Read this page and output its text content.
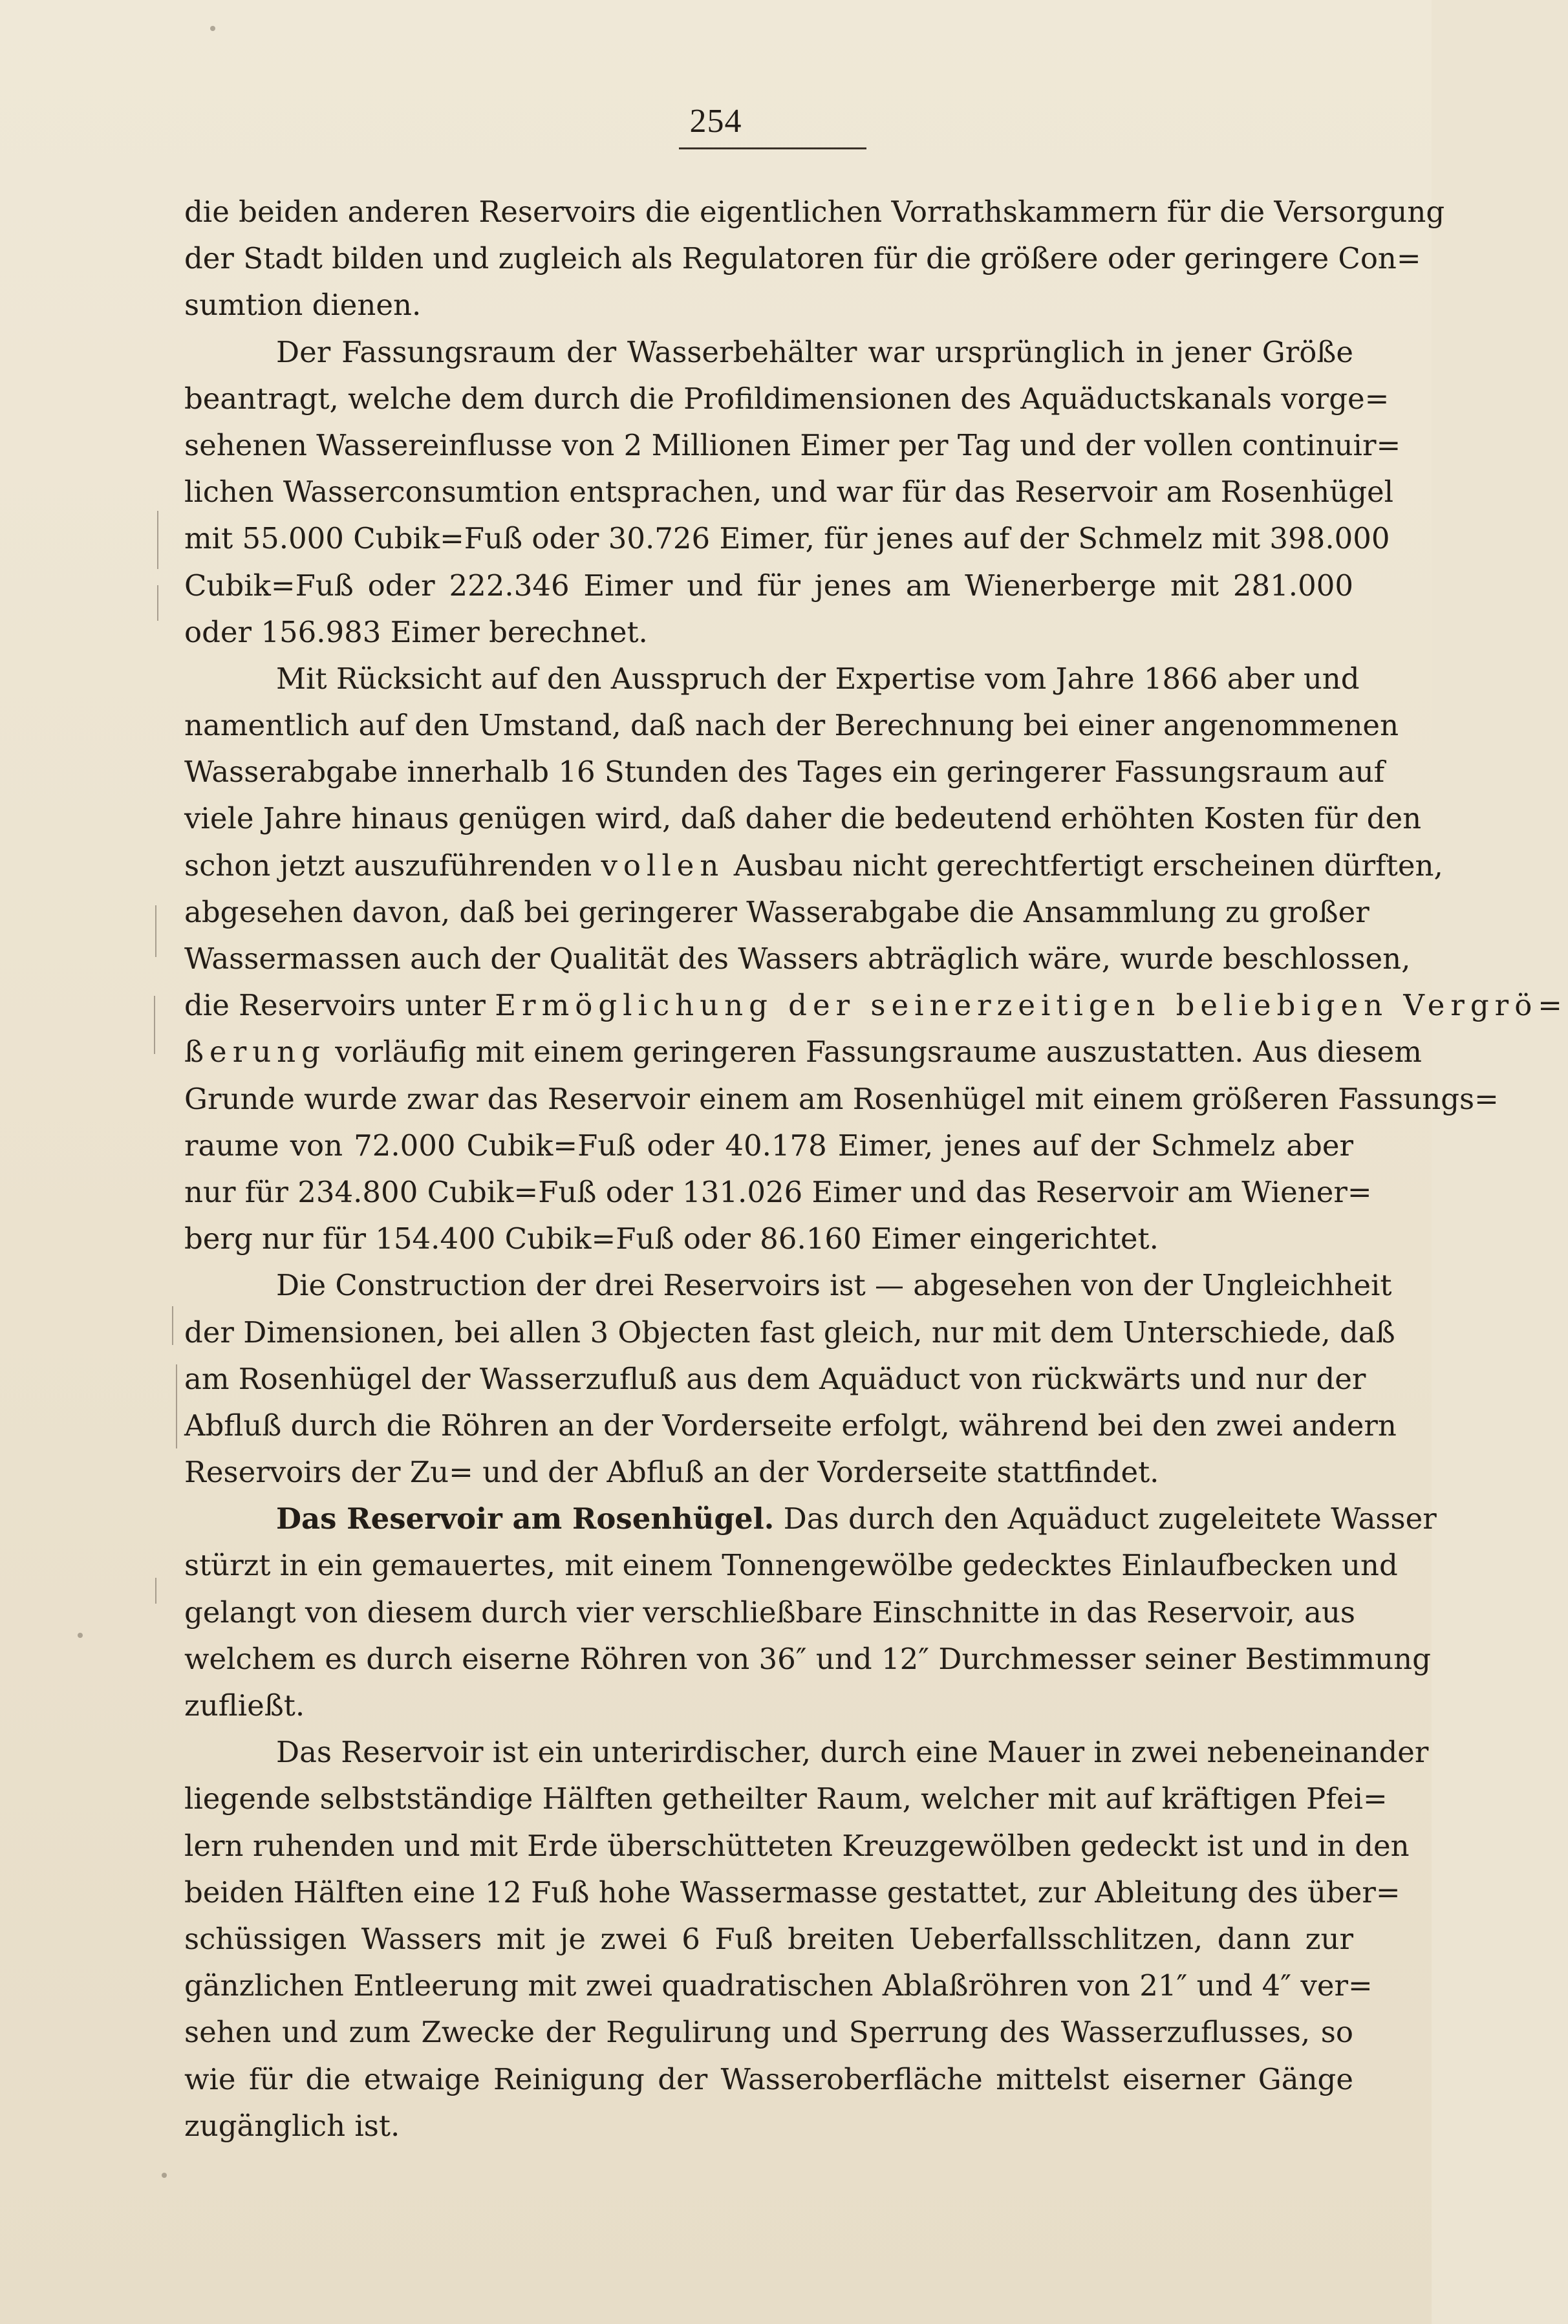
254
die beiden anderen Reservoirs die eigentlichen Vorrathskammern für die Versorgung
der Stadt bilden und zugleich als Regulatoren für die größere oder geringere Con=
sumtion dienen.
Der Fassungsraum der Wasserbehälter war ursprünglich in jener Größe
beantragt, welche dem durch die Profildimensionen des Aquäductskanals vorge=
sehenen Wassereinflusse von 2 Millionen Eimer per Tag und der vollen continuir=
lichen Wasserconsumtion entsprachen, und war für das Reservoir am Rosenhügel
mit 55.000 Cubik=Fuß oder 30.726 Eimer, für jenes auf der Schmelz mit 398.000
Cubik=Fuß oder 222.346 Eimer und für jenes am Wienerberge mit 281.000
oder 156.983 Eimer berechnet.
Mit Rücksicht auf den Ausspruch der Expertise vom Jahre 1866 aber und
namentlich auf den Umstand, daß nach der Berechnung bei einer angenommenen
Wasserabgabe innerhalb 16 Stunden des Tages ein geringerer Fassungsraum auf
viele Jahre hinaus genügen wird, daß daher die bedeutend erhöhten Kosten für den
schon jetzt auszuführenden vollen Ausbau nicht gerechtfertigt erscheinen dürften,
abgesehen davon, daß bei geringerer Wasserabgabe die Ansammlung zu großer
Wassermassen auch der Qualität des Wassers abträglich wäre, wurde beschlossen,
die Reservoirs unter Ermöglichung der seinerzeitigen beliebigen Vergrö=
ßerung vorläufig mit einem geringeren Fassungsraume auszustatten. Aus diesem
Grunde wurde zwar das Reservoir einem am Rosenhügel mit einem größeren Fassungs=
raume von 72.000 Cubik=Fuß oder 40.178 Eimer, jenes auf der Schmelz aber
nur für 234.800 Cubik=Fuß oder 131.026 Eimer und das Reservoir am Wiener=
berg nur für 154.400 Cubik=Fuß oder 86.160 Eimer eingerichtet.
Die Construction der drei Reservoirs ist — abgesehen von der Ungleichheit
der Dimensionen, bei allen 3 Objecten fast gleich, nur mit dem Unterschiede, daß
am Rosenhügel der Wasserzufluß aus dem Aquäduct von rückwärts und nur der
Abfluß durch die Röhren an der Vorderseite erfolgt, während bei den zwei andern
Reservoirs der Zu= und der Abfluß an der Vorderseite stattfindet.
Das Reservoir am Rosenhügel. Das durch den Aquäduct zugeleitete Wasser
stürzt in ein gemauertes, mit einem Tonnengewölbe gedecktes Einlaufbecken und
gelangt von diesem durch vier verschließbare Einschnitte in das Reservoir, aus
welchem es durch eiserne Röhren von 36″ und 12″ Durchmesser seiner Bestimmung
zufließt.
Das Reservoir ist ein unterirdischer, durch eine Mauer in zwei nebeneinander
liegende selbstständige Hälften getheilter Raum, welcher mit auf kräftigen Pfei=
lern ruhenden und mit Erde überschütteten Kreuzgewölben gedeckt ist und in den
beiden Hälften eine 12 Fuß hohe Wassermasse gestattet, zur Ableitung des über=
schüssigen Wassers mit je zwei 6 Fuß breiten Ueberfallsschlitzen, dann zur
gänzlichen Entleerung mit zwei quadratischen Ablaßröhren von 21″ und 4″ ver=
sehen und zum Zwecke der Regulirung und Sperrung des Wasserzuflusses, so
wie für die etwaige Reinigung der Wasseroberfläche mittelst eiserner Gänge
zugänglich ist.
